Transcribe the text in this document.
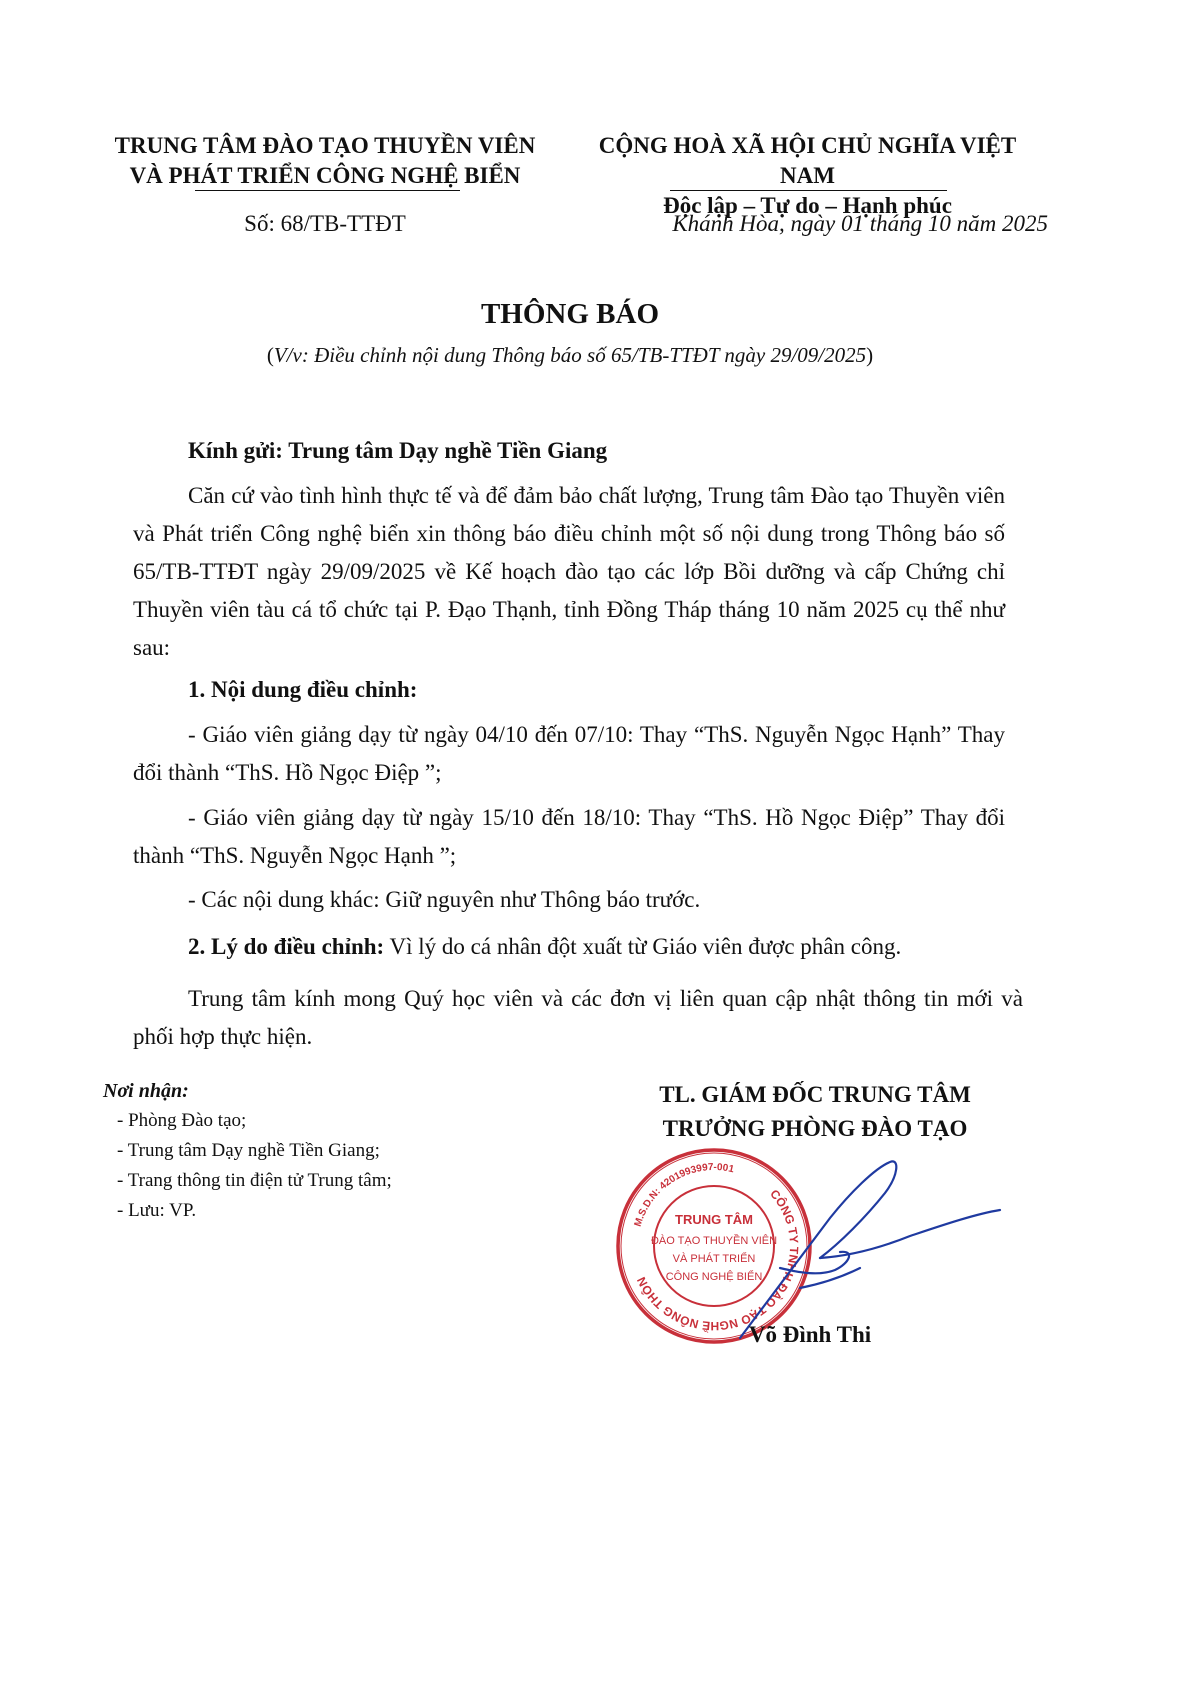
TRUNG TÂM ĐÀO TẠO THUYỀN VIÊN
VÀ PHÁT TRIỂN CÔNG NGHỆ BIỂN
Số: 68/TB-TTĐT
CỘNG HOÀ XÃ HỘI CHỦ NGHĨA VIỆT NAM
Độc lập – Tự do – Hạnh phúc
Khánh Hòa, ngày 01 tháng 10 năm 2025
THÔNG BÁO
(V/v: Điều chỉnh nội dung Thông báo số 65/TB-TTĐT ngày 29/09/2025)
Kính gửi: Trung tâm Dạy nghề Tiền Giang
Căn cứ vào tình hình thực tế và để đảm bảo chất lượng, Trung tâm Đào tạo Thuyền viên và Phát triển Công nghệ biển xin thông báo điều chỉnh một số nội dung trong Thông báo số 65/TB-TTĐT ngày 29/09/2025 về Kế hoạch đào tạo các lớp Bồi dưỡng và cấp Chứng chỉ Thuyền viên tàu cá tổ chức tại P. Đạo Thạnh, tỉnh Đồng Tháp tháng 10 năm 2025 cụ thể như sau:
1. Nội dung điều chỉnh:
- Giáo viên giảng dạy từ ngày 04/10 đến 07/10: Thay “ThS. Nguyễn Ngọc Hạnh” Thay đổi thành “ThS. Hồ Ngọc Điệp ”;
- Giáo viên giảng dạy từ ngày 15/10 đến 18/10: Thay “ThS. Hồ Ngọc Điệp” Thay đổi thành “ThS. Nguyễn Ngọc Hạnh ”;
- Các nội dung khác: Giữ nguyên như Thông báo trước.
2. Lý do điều chỉnh: Vì lý do cá nhân đột xuất từ Giáo viên được phân công.
Trung tâm kính mong Quý học viên và các đơn vị liên quan cập nhật thông tin mới và phối hợp thực hiện.
Nơi nhận:
- Phòng Đào tạo;
- Trung tâm Dạy nghề Tiền Giang;
- Trang thông tin điện tử Trung tâm;
- Lưu: VP.
TL. GIÁM ĐỐC TRUNG TÂM
TRƯỞNG PHÒNG ĐÀO TẠO
CÔNG TY TNHH ĐÀO TẠO NGHỀ NÔNG THÔN
M.S.D.N: 4201993997-001
TRUNG TÂM
ĐÀO TẠO THUYỀN VIÊN
VÀ PHÁT TRIỂN
CÔNG NGHỆ BIỂN
Võ Đình Thi
